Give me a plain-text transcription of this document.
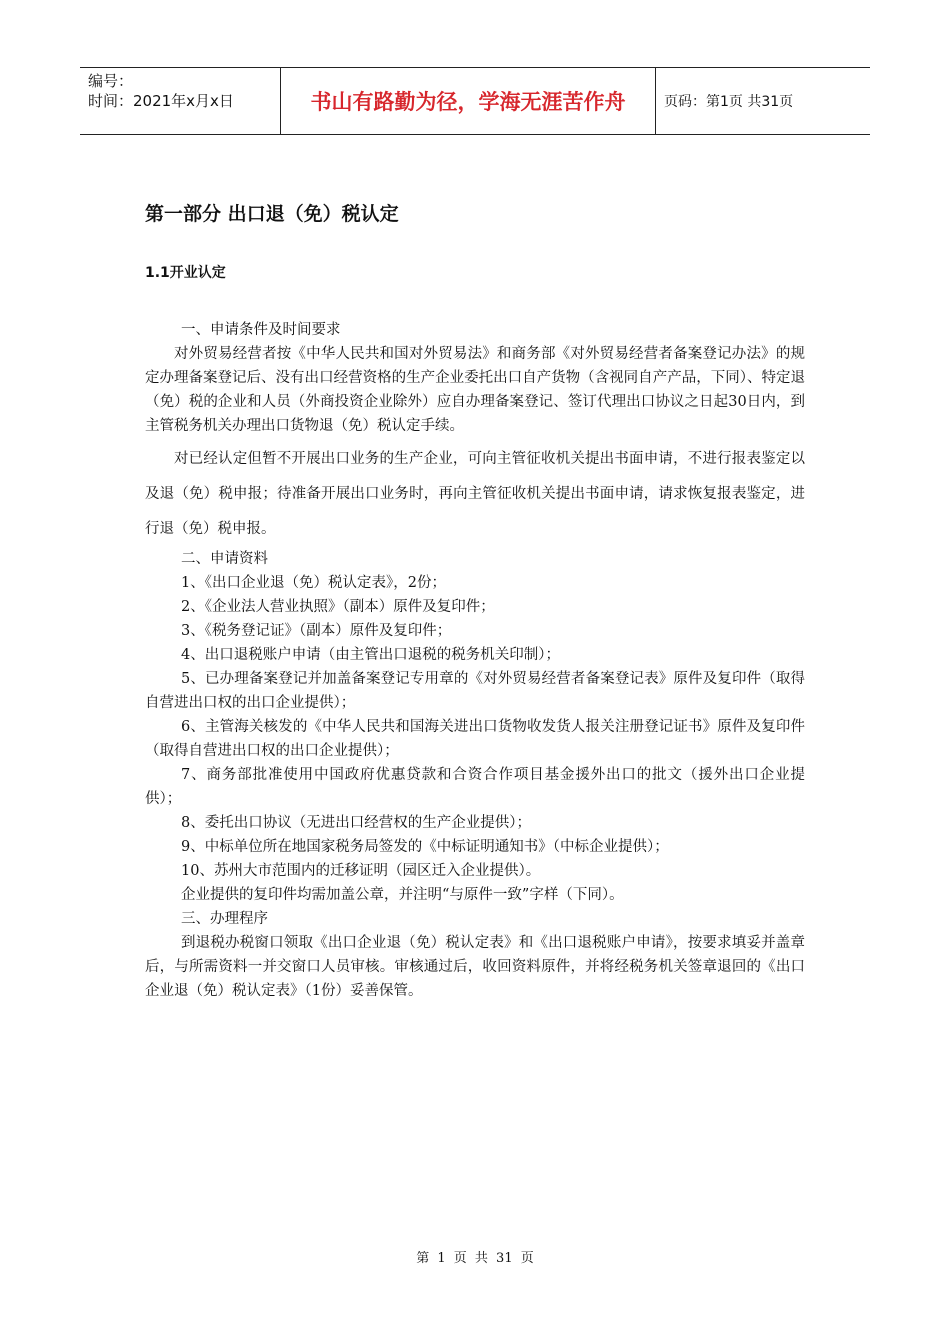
编号：
时间：2021年x月x日	书山有路勤为径，学海无涯苦作舟	页码：第1页 共31页
第一部分 出口退（免）税认定
1.1开业认定

一、申请条件及时间要求

对外贸易经营者按《中华人民共和国对外贸易法》和商务部《对外贸易经营者备案登记办法》的规定办理备案登记后、没有出口经营资格的生产企业委托出口自产货物（含视同自产产品，下同）、特定退（免）税的企业和人员（外商投资企业除外）应自办理备案登记、签订代理出口协议之日起30日内，到主管税务机关办理出口货物退（免）税认定手续。

对已经认定但暂不开展出口业务的生产企业，可向主管征收机关提出书面申请，不进行报表鉴定以及退（免）税申报；待准备开展出口业务时，再向主管征收机关提出书面申请，请求恢复报表鉴定，进行退（免）税申报。

二、申请资料

1、《出口企业退（免）税认定表》，2份；

2、《企业法人营业执照》（副本）原件及复印件；

3、《税务登记证》（副本）原件及复印件；

4、出口退税账户申请（由主管出口退税的税务机关印制）；

5、已办理备案登记并加盖备案登记专用章的《对外贸易经营者备案登记表》原件及复印件（取得自营进出口权的出口企业提供）；

6、主管海关核发的《中华人民共和国海关进出口货物收发货人报关注册登记证书》原件及复印件（取得自营进出口权的出口企业提供）；

7、商务部批准使用中国政府优惠贷款和合资合作项目基金援外出口的批文（援外出口企业提供）；

8、委托出口协议（无进出口经营权的生产企业提供）；

9、中标单位所在地国家税务局签发的《中标证明通知书》（中标企业提供）；

10、苏州大市范围内的迁移证明（园区迁入企业提供）。

企业提供的复印件均需加盖公章，并注明“与原件一致”字样（下同）。

三、办理程序

到退税办税窗口领取《出口企业退（免）税认定表》和《出口退税账户申请》，按要求填妥并盖章后，与所需资料一并交窗口人员审核。审核通过后，收回资料原件，并将经税务机关签章退回的《出口企业退（免）税认定表》（1份）妥善保管。

第 1 页 共 31 页
